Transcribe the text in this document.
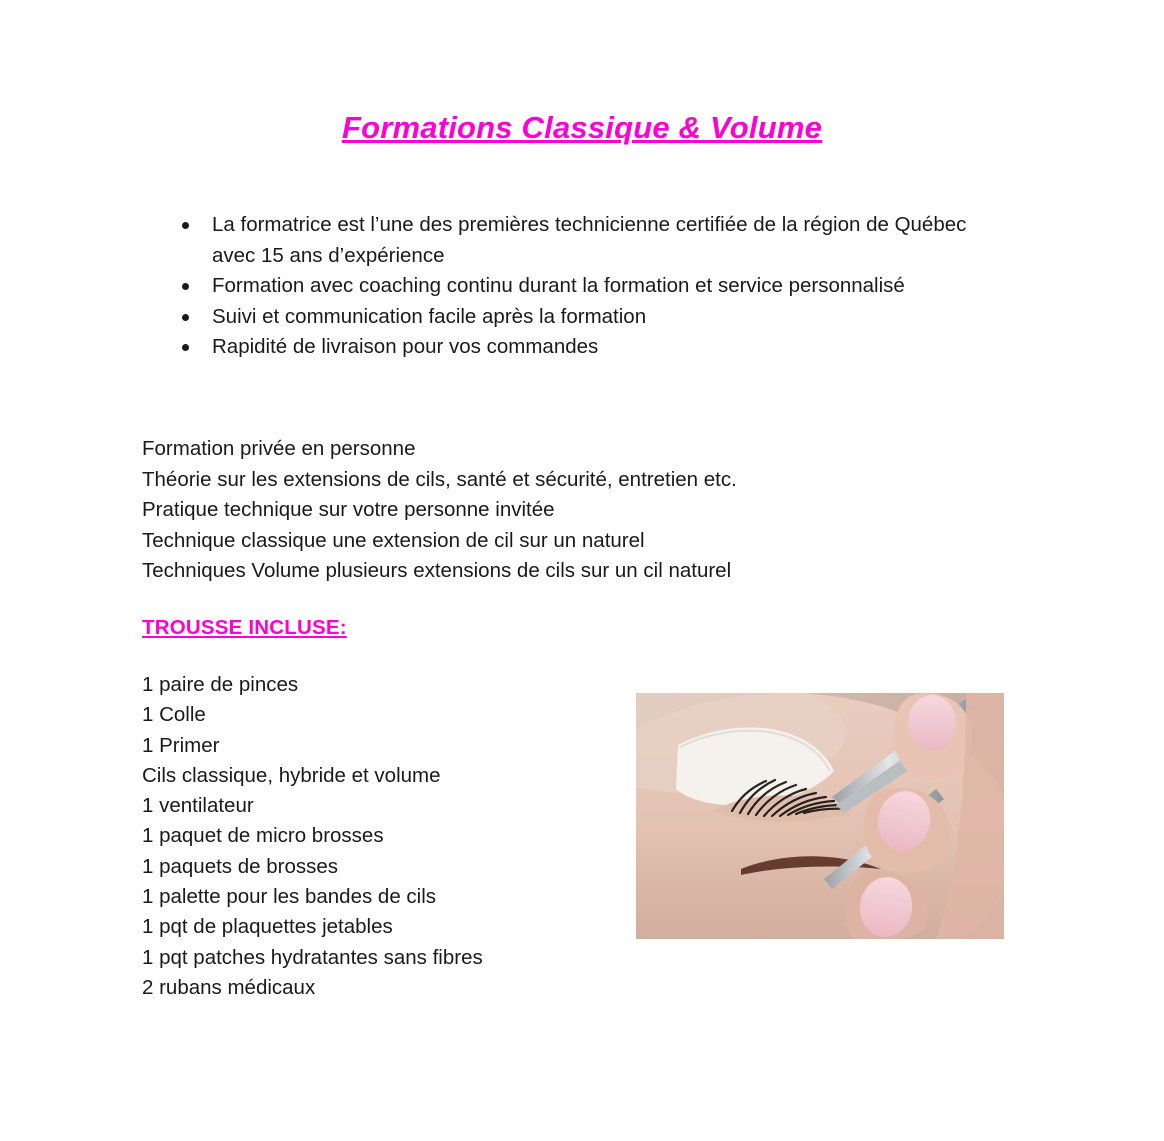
Formations Classique & Volume
La formatrice est l’une des premières technicienne certifiée de la région de Québec avec 15 ans d’expérience
Formation avec coaching continu durant la formation et service personnalisé
Suivi et communication facile après la formation
Rapidité de livraison pour vos commandes
Formation privée en personne
Théorie sur les extensions de cils, santé et sécurité, entretien etc.
Pratique technique sur votre personne invitée
Technique classique une extension de cil sur un naturel
Techniques Volume plusieurs extensions de cils sur un cil naturel
TROUSSE INCLUSE:
1 paire de pinces
1 Colle
1 Primer
Cils classique, hybride et volume
1 ventilateur
1 paquet de micro brosses
1 paquets de brosses
1 palette pour les bandes de cils
1 pqt de plaquettes jetables
1 pqt patches hydratantes sans fibres
2 rubans médicaux
